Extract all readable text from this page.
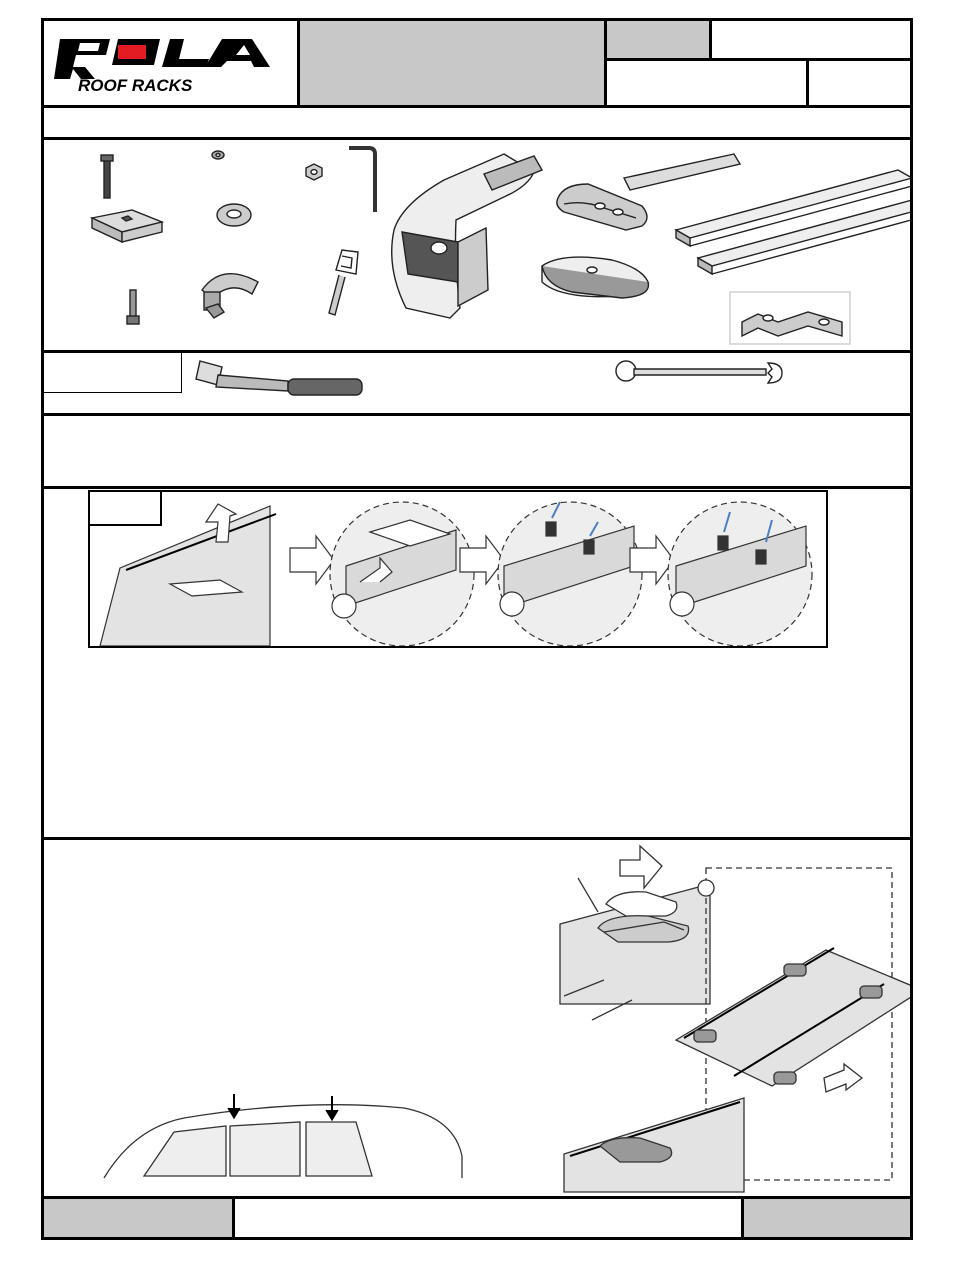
ROOF RACKS
